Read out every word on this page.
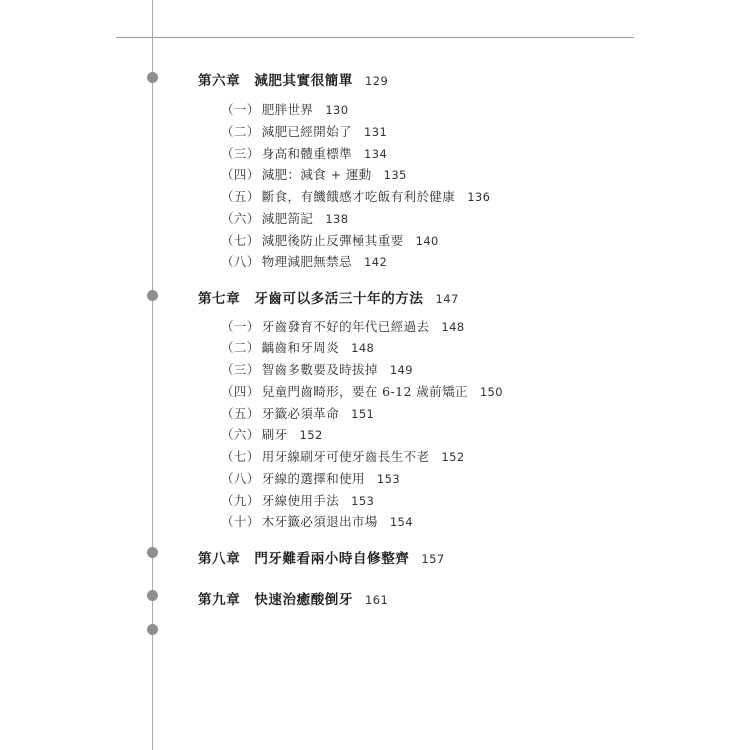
第六章 減肥其實很簡單 129
（一） 肥胖世界 130
（二） 減肥已經開始了 131
（三） 身高和體重標準 134
（四） 減肥：減食 + 運動 135
（五） 斷食，有饑餓感才吃飯有利於健康 136
（六） 減肥箚記 138
（七） 減肥後防止反彈極其重要 140
（八） 物理減肥無禁忌 142
第七章 牙齒可以多活三十年的方法 147
（一） 牙齒發育不好的年代已經過去 148
（二） 齲齒和牙周炎 148
（三） 智齒多數要及時拔掉 149
（四） 兒童門齒畸形，要在 6-12 歲前矯正 150
（五） 牙籤必須革命 151
（六） 刷牙 152
（七） 用牙線刷牙可使牙齒長生不老 152
（八） 牙線的選擇和使用 153
（九） 牙線使用手法 153
（十） 木牙籤必須退出市場 154
第八章 門牙難看兩小時自修整齊 157
第九章 快速治癒酸倒牙 161
